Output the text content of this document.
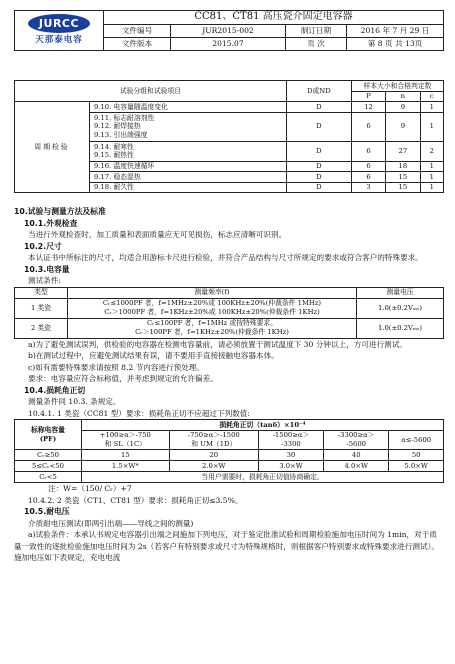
JURCC
天那泰电容	CC81、CT81 高压瓷介固定电容器			
	文件编号	JUR2015-002	制订日期	2016 年 7 月 29 日
	文件版本	2015.07	页 次	第 8 页 共 13页
试验分组和试验项目		D或ND	样本大小和合格判定数		
			P	n	c
周期检验	9.10. 电容量随温度变化	D	12	9	1
	9.11. 标志耐溶剂性
9.12. 耐焊接热
9.13. 引出端强度	D	6	9	1
	9.14. 耐寒性
9.15. 耐热性	D	6	27	2
	9.16. 温度快速循环	D	6	18	1
	9.17. 稳态湿热	D	6	15	1
	9.18. 耐久性	D	3	15	1

10.试验与测量方法及标准

10.1.外观检查

当进行外观检查时，加工质量和表面质量应无可见损伤，标志应清晰可识别。

10.2.尺寸

本认证书中所标注的尺寸，均适合用游标卡尺进行检验，并符合产品结构与尺寸所规定的要求或符合客户的特殊要求。

10.3.电容量

测试条件:

类型	测量频率(f)	测量电压
1 类瓷	Cᵣ≤1000PF 者，f=1MHz±20%或 100KHz±20%(仲裁条件 1MHz)
Cᵣ＞1000PF 者，f=1KHz±20%或 100KHz±20%(仲裁条件 1KHz)	1.0(±0.2Vₘₛ)
2 类瓷	Cᵣ≤100PF 者，f=1MHz 或按特殊要求。
Cᵣ＞100PF 者，f=1KHz±20%(仲裁条件 1KHz)	1.0(±0.2Vₘₛ)

a)为了避免测试误判，供检验的电容器在检测电容量前，请必须放置于测试温度下 30 分钟以上，方可进行测试。

b)在测试过程中，应避免测试结果有误，请不要用手直接接触电容器本体。

c)如有需要特殊要求请按照 8.2 节内容进行预处理。

要求：电容量应符合标称值，并考虑到规定的允许偏差。

10.4.损耗角正切

测量条件同 10.3. 条规定。

10.4.1. 1 类瓷（CC81 型）要求：损耗角正切不应超过下列数值:

标称电容量
(PF)	损耗角正切（tanδ）×10⁻⁴				
	+100≥α＞-750
和 SL（1C）	-750≥α＞-1500
和 UM（1D）	-1500≥α＞
-3300	-3300≥α＞
-5600	α≤-5600
Cᵣ≥50	15	20	30	40	50
5≤Cᵣ<50	1.5×W*	2.0×W	3.0×W	4.0×W	5.0×W
Cᵣ<5	当用户需要时，损耗角正切值协商确定。				

注：W=（150/ Cᵣ）+7

10.4.2. 2 类瓷（CT1、CT81 型）要求：损耗角正切≤3.5%。

10.5.耐电压

介质耐电压测试(即两引出端——导线之间的测量)

a)试验条件：本承认书规定电容器引出端之间施加下列电压，对于鉴定批准试验和周期检验施加电压时间为 1min，对于质量一致性的逐批检验施加电压时间为 2s（若客户有特别要求或尺寸为特殊规格时，则根据客户特别要求或特殊要求进行测试）。施加电压如下表规定，充电电流
